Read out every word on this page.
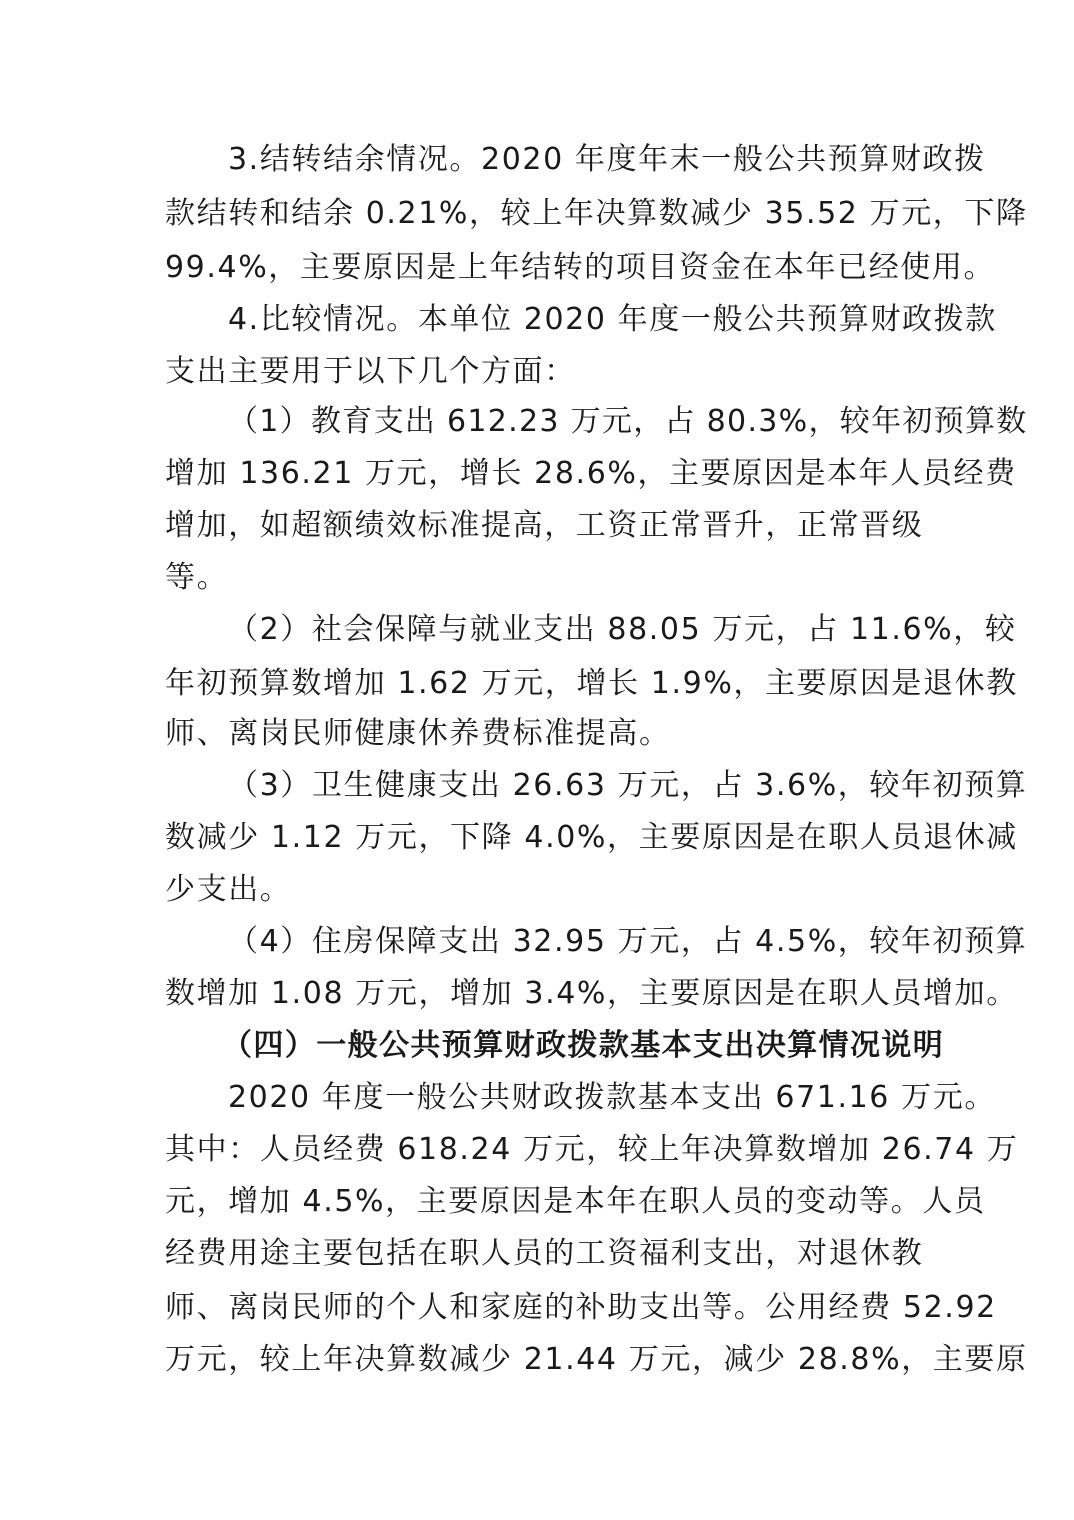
3.结转结余情况。2020 年度年末一般公共预算财政拨
款结转和结余 0.21%，较上年决算数减少 35.52 万元，下降
99.4%，主要原因是上年结转的项目资金在本年已经使用。
4.比较情况。本单位 2020 年度一般公共预算财政拨款
支出主要用于以下几个方面：
（1）教育支出 612.23 万元，占 80.3%，较年初预算数
增加 136.21 万元，增长 28.6%，主要原因是本年人员经费
增加，如超额绩效标准提高，工资正常晋升，正常晋级
等。
（2）社会保障与就业支出 88.05 万元，占 11.6%，较
年初预算数增加 1.62 万元，增长 1.9%，主要原因是退休教
师、离岗民师健康休养费标准提高。
（3）卫生健康支出 26.63 万元，占 3.6%，较年初预算
数减少 1.12 万元，下降 4.0%，主要原因是在职人员退休减
少支出。
（4）住房保障支出 32.95 万元，占 4.5%，较年初预算
数增加 1.08 万元，增加 3.4%，主要原因是在职人员增加。
（四）一般公共预算财政拨款基本支出决算情况说明
2020 年度一般公共财政拨款基本支出 671.16 万元。
其中：人员经费 618.24 万元，较上年决算数增加 26.74 万
元，增加 4.5%，主要原因是本年在职人员的变动等。人员
经费用途主要包括在职人员的工资福利支出，对退休教
师、离岗民师的个人和家庭的补助支出等。公用经费 52.92
万元，较上年决算数减少 21.44 万元，减少 28.8%，主要原
